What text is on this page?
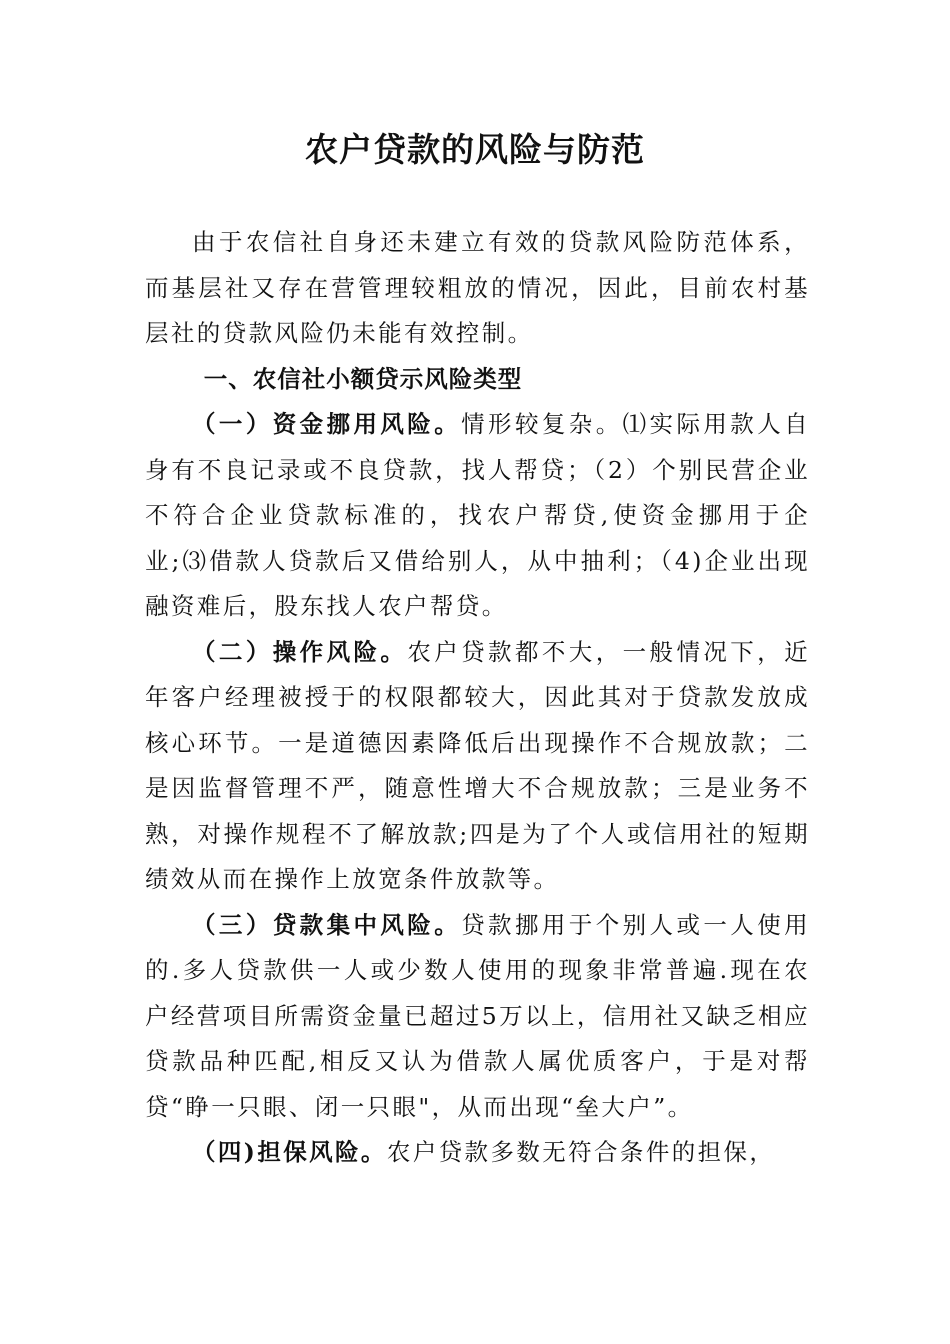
农户贷款的风险与防范

由于农信社自身还未建立有效的贷款风险防范体系，而基层社又存在营管理较粗放的情况，因此，目前农村基层社的贷款风险仍未能有效控制。

一、农信社小额贷示风险类型

（一）资金挪用风险。情形较复杂。⑴实际用款人自身有不良记录或不良贷款，找人帮贷；（2）个别民营企业不符合企业贷款标准的，找农户帮贷,使资金挪用于企业;⑶借款人贷款后又借给别人，从中抽利；（4)企业出现融资难后，股东找人农户帮贷。

（二）操作风险。农户贷款都不大，一般情况下，近年客户经理被授于的权限都较大，因此其对于贷款发放成核心环节。一是道德因素降低后出现操作不合规放款；二是因监督管理不严，随意性增大不合规放款；三是业务不熟，对操作规程不了解放款;四是为了个人或信用社的短期绩效从而在操作上放宽条件放款等。

（三）贷款集中风险。贷款挪用于个别人或一人使用的.多人贷款供一人或少数人使用的现象非常普遍.现在农户经营项目所需资金量已超过5万以上，信用社又缺乏相应贷款品种匹配,相反又认为借款人属优质客户，于是对帮贷“睁一只眼、闭一只眼"，从而出现“垒大户”。

（四)担保风险。农户贷款多数无符合条件的担保，
